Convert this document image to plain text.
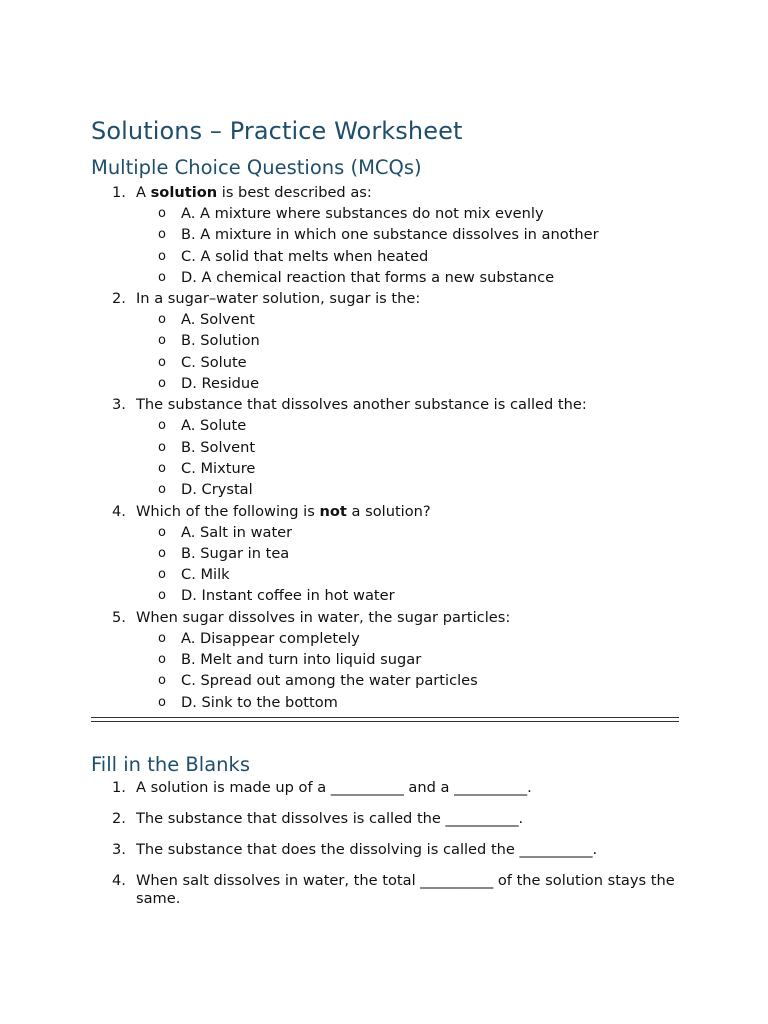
Solutions – Practice Worksheet
Multiple Choice Questions (MCQs)
1. A solution is best described as:
o A. A mixture where substances do not mix evenly
o B. A mixture in which one substance dissolves in another
o C. A solid that melts when heated
o D. A chemical reaction that forms a new substance
2. In a sugar–water solution, sugar is the:
o A. Solvent
o B. Solution
o C. Solute
o D. Residue
3. The substance that dissolves another substance is called the:
o A. Solute
o B. Solvent
o C. Mixture
o D. Crystal
4. Which of the following is not a solution?
o A. Salt in water
o B. Sugar in tea
o C. Milk
o D. Instant coffee in hot water
5. When sugar dissolves in water, the sugar particles:
o A. Disappear completely
o B. Melt and turn into liquid sugar
o C. Spread out among the water particles
o D. Sink to the bottom
Fill in the Blanks
1. A solution is made up of a __________ and a __________.
2. The substance that dissolves is called the __________.
3. The substance that does the dissolving is called the __________.
4. When salt dissolves in water, the total __________ of the solution stays the same.
